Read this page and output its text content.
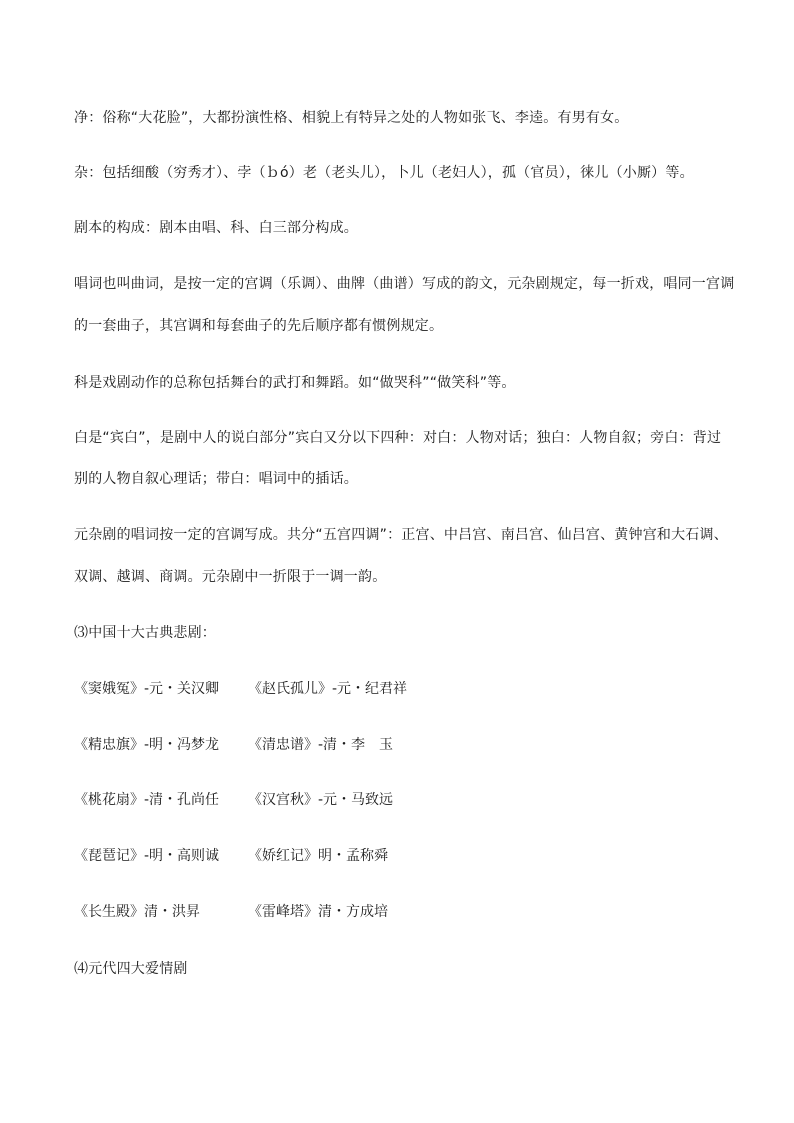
净：俗称“大花脸”，大都扮演性格、相貌上有特异之处的人物如张飞、李逵。有男有女。
杂：包括细酸（穷秀才）、孛（ｂó）老（老头儿），卜儿（老妇人），孤（官员），徕儿（小厮）等。
剧本的构成：剧本由唱、科、白三部分构成。
唱词也叫曲词，是按一定的宫调（乐调）、曲牌（曲谱）写成的韵文，元杂剧规定，每一折戏，唱同一宫调
的一套曲子，其宫调和每套曲子的先后顺序都有惯例规定。
科是戏剧动作的总称包括舞台的武打和舞蹈。如“做哭科”“做笑科”等。
白是“宾白”，是剧中人的说白部分”宾白又分以下四种：对白：人物对话；独白：人物自叙；旁白：背过
别的人物自叙心理话；带白：唱词中的插话。
元杂剧的唱词按一定的宫调写成。共分“五宫四调”：正宫、中吕宫、南吕宫、仙吕宫、黄钟宫和大石调、
双调、越调、商调。元杂剧中一折限于一调一韵。
⑶中国十大古典悲剧：
《窦娥冤》-元・关汉卿 《赵氏孤儿》-元・纪君祥
《精忠旗》-明・冯梦龙 《清忠谱》-清・李　玉
《桃花扇》-清・孔尚任 《汉宫秋》-元・马致远
《琵琶记》-明・高则诚 《娇红记》明・孟称舜
《长生殿》清・洪昇	《雷峰塔》清・方成培
⑷元代四大爱情剧
